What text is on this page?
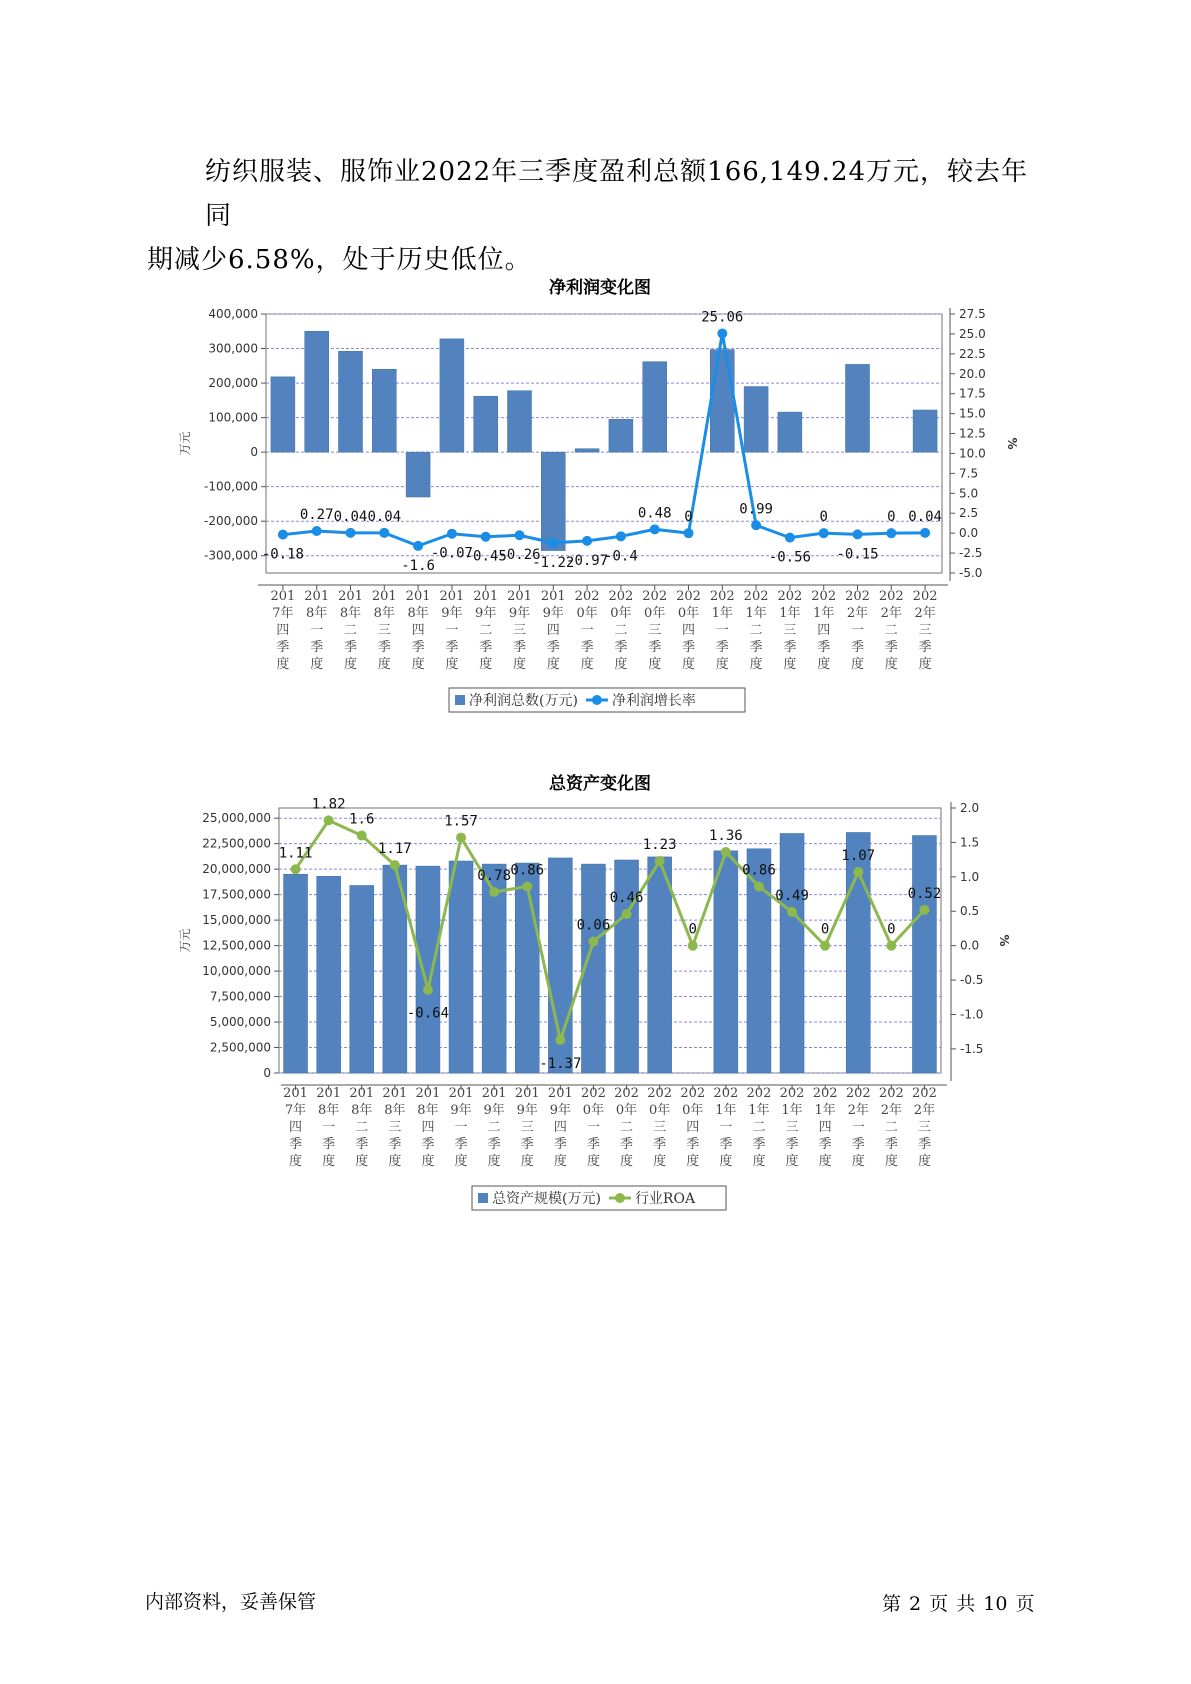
纺织服装、服饰业2022年三季度盈利总额166,149.24万元，较去年同
期减少6.58%，处于历史低位。
净利润变化图
总资产变化图
400,000
300,000
200,000
100,000
0
-100,000
-200,000
-300,000
27.5
25.0
22.5
20.0
17.5
15.0
12.5
10.0
7.5
5.0
2.5
0.0
-2.5
-5.0
万元	%
201 7年四季度
201 8年一季度
201 8年二季度
201 8年三季度
201 8年四季度
201 9年一季度
201 9年二季度
201 9年三季度
201 9年四季度
202 0年一季度
202 0年二季度
202 0年三季度
202 0年四季度
202 1年一季度
202 1年二季度
202 1年三季度
202 1年四季度
202 2年一季度
202 2年二季度
202 2年三季度
-0.18
0.27 0.04 0.04
-1.6
-0.07
-0.45
-0.26
-1.22
-0.97
-0.4
0.48 0
25.06
0.99
-0.56
0
-0.15
0 0.04
净利润总数(万元) 净利润增长率
25,000,000
22,500,000
20,000,000
17,500,000
15,000,000
12,500,000
10,000,000
7,500,000
5,000,000
2,500,000
0
2.0
1.5
1.0
0.5
0.0
-0.5
-1.0
-1.5
万元	%
201 7年四季度
201 8年一季度
201 8年二季度
201 8年三季度
201 8年四季度
201 9年一季度
201 9年二季度
201 9年三季度
201 9年四季度
202 0年一季度
202 0年二季度
202 0年三季度
202 0年四季度
202 1年一季度
202 1年二季度
202 1年三季度
202 1年四季度
202 2年一季度
202 2年二季度
202 2年三季度
1.11
1.82
1.6
1.17
-0.64
1.57
0.78 0.86
-1.37
0.06
0.46
1.23
0
1.36
0.86
0.49
0
1.07
0
0.52
总资产规模(万元) 行业ROA
内部资料，妥善保管	第 2 页 共 10 页
